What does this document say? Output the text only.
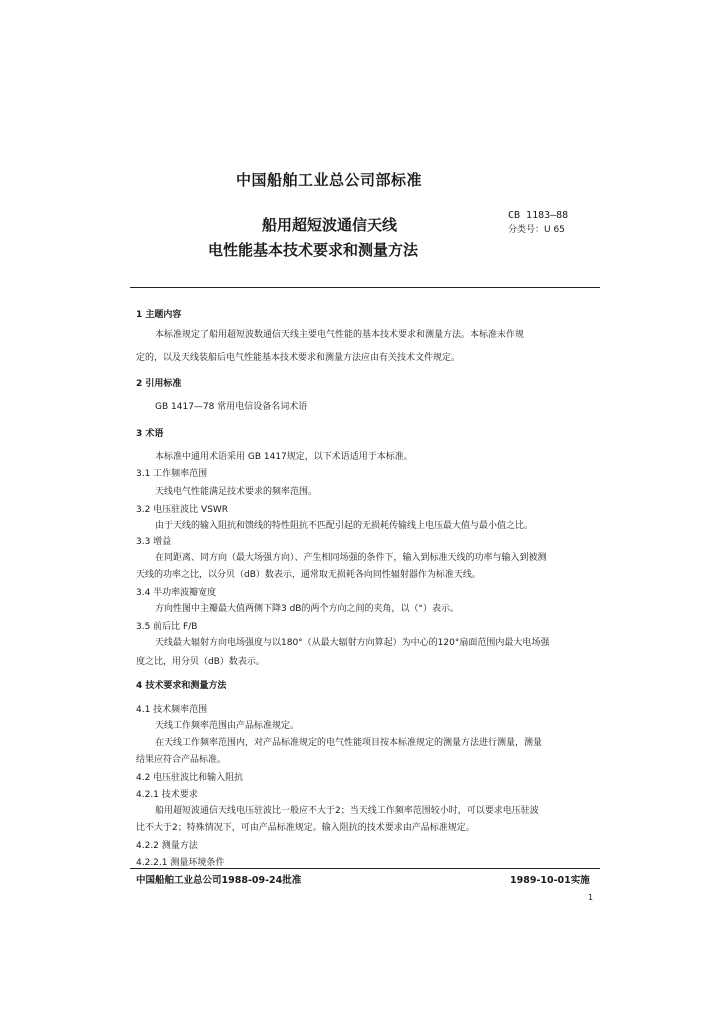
中国船舶工业总公司部标准
船用超短波通信天线
电性能基本技术要求和测量方法
CB 1183—88
分类号：U 65
1 主题内容
本标准规定了船用超短波数通信天线主要电气性能的基本技术要求和测量方法。本标准未作规
定的，以及天线装船后电气性能基本技术要求和测量方法应由有关技术文件规定。
2 引用标准
GB 1417—78 常用电信设备名词术语
3 术语
本标准中通用术语采用 GB 1417规定，以下术语适用于本标准。
3.1 工作频率范围
天线电气性能满足技术要求的频率范围。
3.2 电压驻波比 VSWR
由于天线的输入阻抗和馈线的特性阻抗不匹配引起的无损耗传输线上电压最大值与最小值之比。
3.3 增益
在同距离、同方向（最大场强方向）、产生相同场强的条件下，输入到标准天线的功率与输入到被测
天线的功率之比，以分贝（dB）数表示，通常取无损耗各向同性辐射器作为标准天线。
3.4 半功率波瓣宽度
方向性图中主瓣最大值两侧下降3 dB的两个方向之间的夹角，以（°）表示。
3.5 前后比 F/B
天线最大辐射方向电场强度与以180°（从最大辐射方向算起）为中心的120°扇面范围内最大电场强
度之比，用分贝（dB）数表示。
4 技术要求和测量方法
4.1 技术频率范围
天线工作频率范围由产品标准规定。
在天线工作频率范围内，对产品标准规定的电气性能项目按本标准规定的测量方法进行测量，测量
结果应符合产品标准。
4.2 电压驻波比和输入阻抗
4.2.1 技术要求
船用超短波通信天线电压驻波比一般应不大于2；当天线工作频率范围较小时，可以要求电压驻波
比不大于2；特殊情况下，可由产品标准规定。输入阻抗的技术要求由产品标准规定。
4.2.2 测量方法
4.2.2.1 测量环境条件
中国船舶工业总公司1988-09-24批准	1989-10-01实施
1
